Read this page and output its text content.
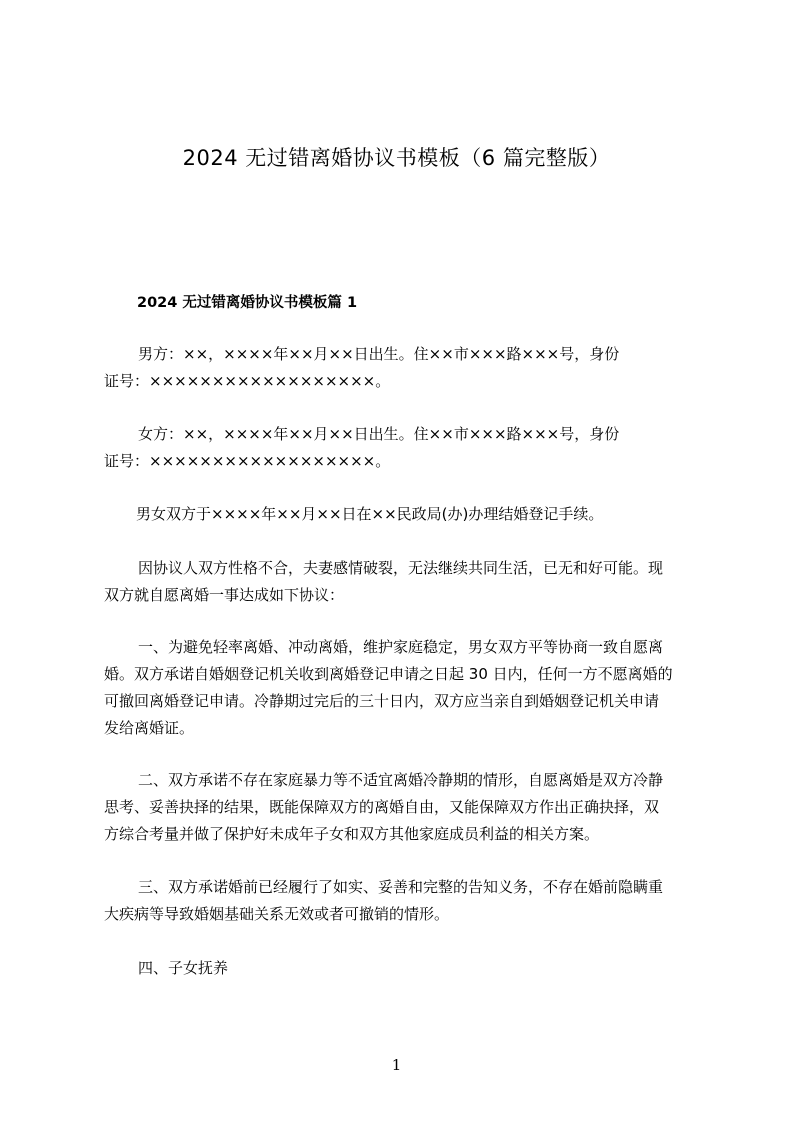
2024 无过错离婚协议书模板（6 篇完整版）
2024 无过错离婚协议书模板篇 1
男方：××，××××年××月××日出生。住××市×××路×××号，身份
证号：××××××××××××××××××。
女方：××，××××年××月××日出生。住××市×××路×××号，身份
证号：××××××××××××××××××。
男女双方于××××年××月××日在××民政局(办)办理结婚登记手续。
因协议人双方性格不合，夫妻感情破裂，无法继续共同生活，已无和好可能。现
双方就自愿离婚一事达成如下协议：
一、为避免轻率离婚、冲动离婚，维护家庭稳定，男女双方平等协商一致自愿离
婚。双方承诺自婚姻登记机关收到离婚登记申请之日起 30 日内，任何一方不愿离婚的
可撤回离婚登记申请。冷静期过完后的三十日内，双方应当亲自到婚姻登记机关申请
发给离婚证。
二、双方承诺不存在家庭暴力等不适宜离婚冷静期的情形，自愿离婚是双方冷静
思考、妥善抉择的结果，既能保障双方的离婚自由，又能保障双方作出正确抉择，双
方综合考量并做了保护好未成年子女和双方其他家庭成员利益的相关方案。
三、双方承诺婚前已经履行了如实、妥善和完整的告知义务，不存在婚前隐瞒重
大疾病等导致婚姻基础关系无效或者可撤销的情形。
四、子女抚养
1
